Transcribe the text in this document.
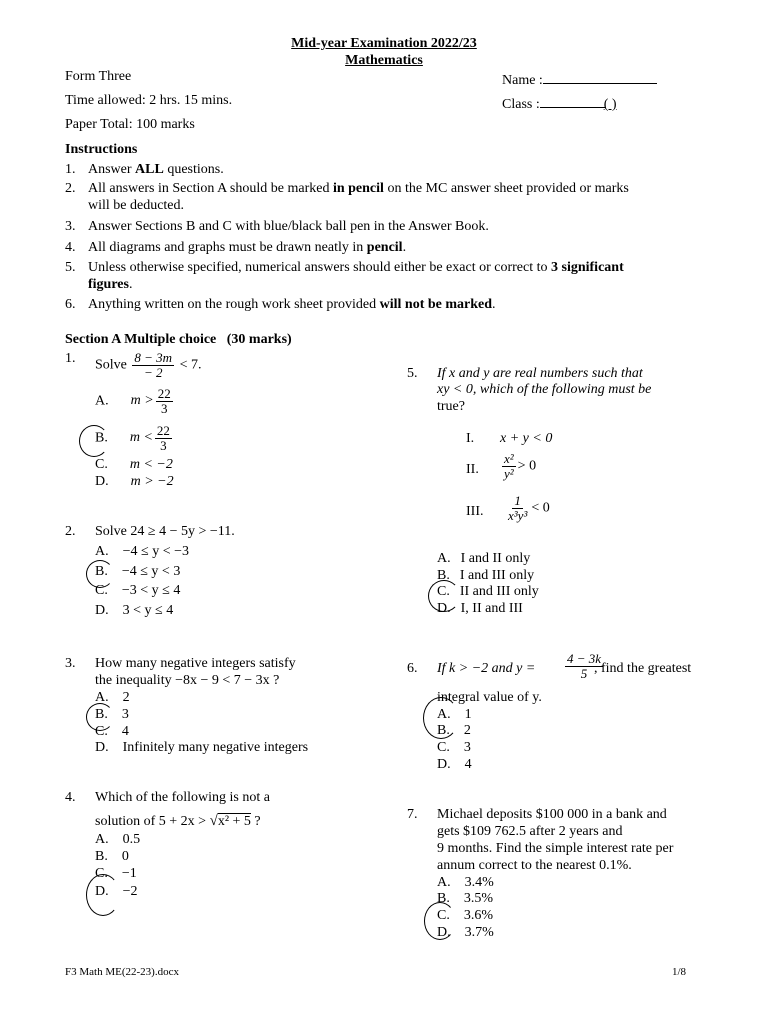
Mid-year Examination 2022/23
Mathematics
Form Three
Time allowed: 2 hrs. 15 mins.
Paper Total: 100 marks
Name :
Class :	( )
Instructions
1. Answer ALL questions.
2. All answers in Section A should be marked in pencil on the MC answer sheet provided or marks
will be deducted.
3. Answer Sections B and C with blue/black ball pen in the Answer Book.
4. All diagrams and graphs must be drawn neatly in pencil.
5. Unless otherwise specified, numerical answers should either be exact or correct to 3 significant
figures.
6. Anything written on the rough work sheet provided will not be marked.
Section A Multiple choice (30 marks)
1. Solve $\frac{8 - 3m}{- 2} < 7$.
A. $m > \frac{22}{3}$
B. $m < \frac{22}{3}$
C. m < −2
D. m > −2
2. Solve 24 ≥ 4 − 5y > −11.
A. −4 ≤ y < −3
B. −4 ≤ y < 3
C. −3 < y ≤ 4
D. 3 < y ≤ 4
3. How many negative integers satisfy
the inequality −8x − 9 < 7 − 3x ?
A. 2
B. 3
C. 4
D. Infinitely many negative integers
4. Which of the following is not a
solution of 5 + 2x > √x² + 5 ?
A. 0.5
B. 0
C. −1
D. −2
5. If x and y are real numbers such that
xy < 0, which of the following must be
true?
I. x + y < 0
II. $\frac{\text{x²}}{\text{y²}} > 0$
III. $\frac{1}{\text{x³y³}} < 0$
A. I and II only
B. I and III only
C. II and III only
D. I, II and III
6. If k > −2 and $y = \frac{4 - 3k}{5}$
, find the greatest
integral value of y.
A. 1
B. 2
C. 3
D. 4
7. Michael deposits $100 000 in a bank and
gets $109 762.5 after 2 years and
9 months. Find the simple interest rate per
annum correct to the nearest 0.1%.
A. 3.4%
B. 3.5%
C. 3.6%
D. 3.7%
F3 Math ME(22-23).docx	1/8
